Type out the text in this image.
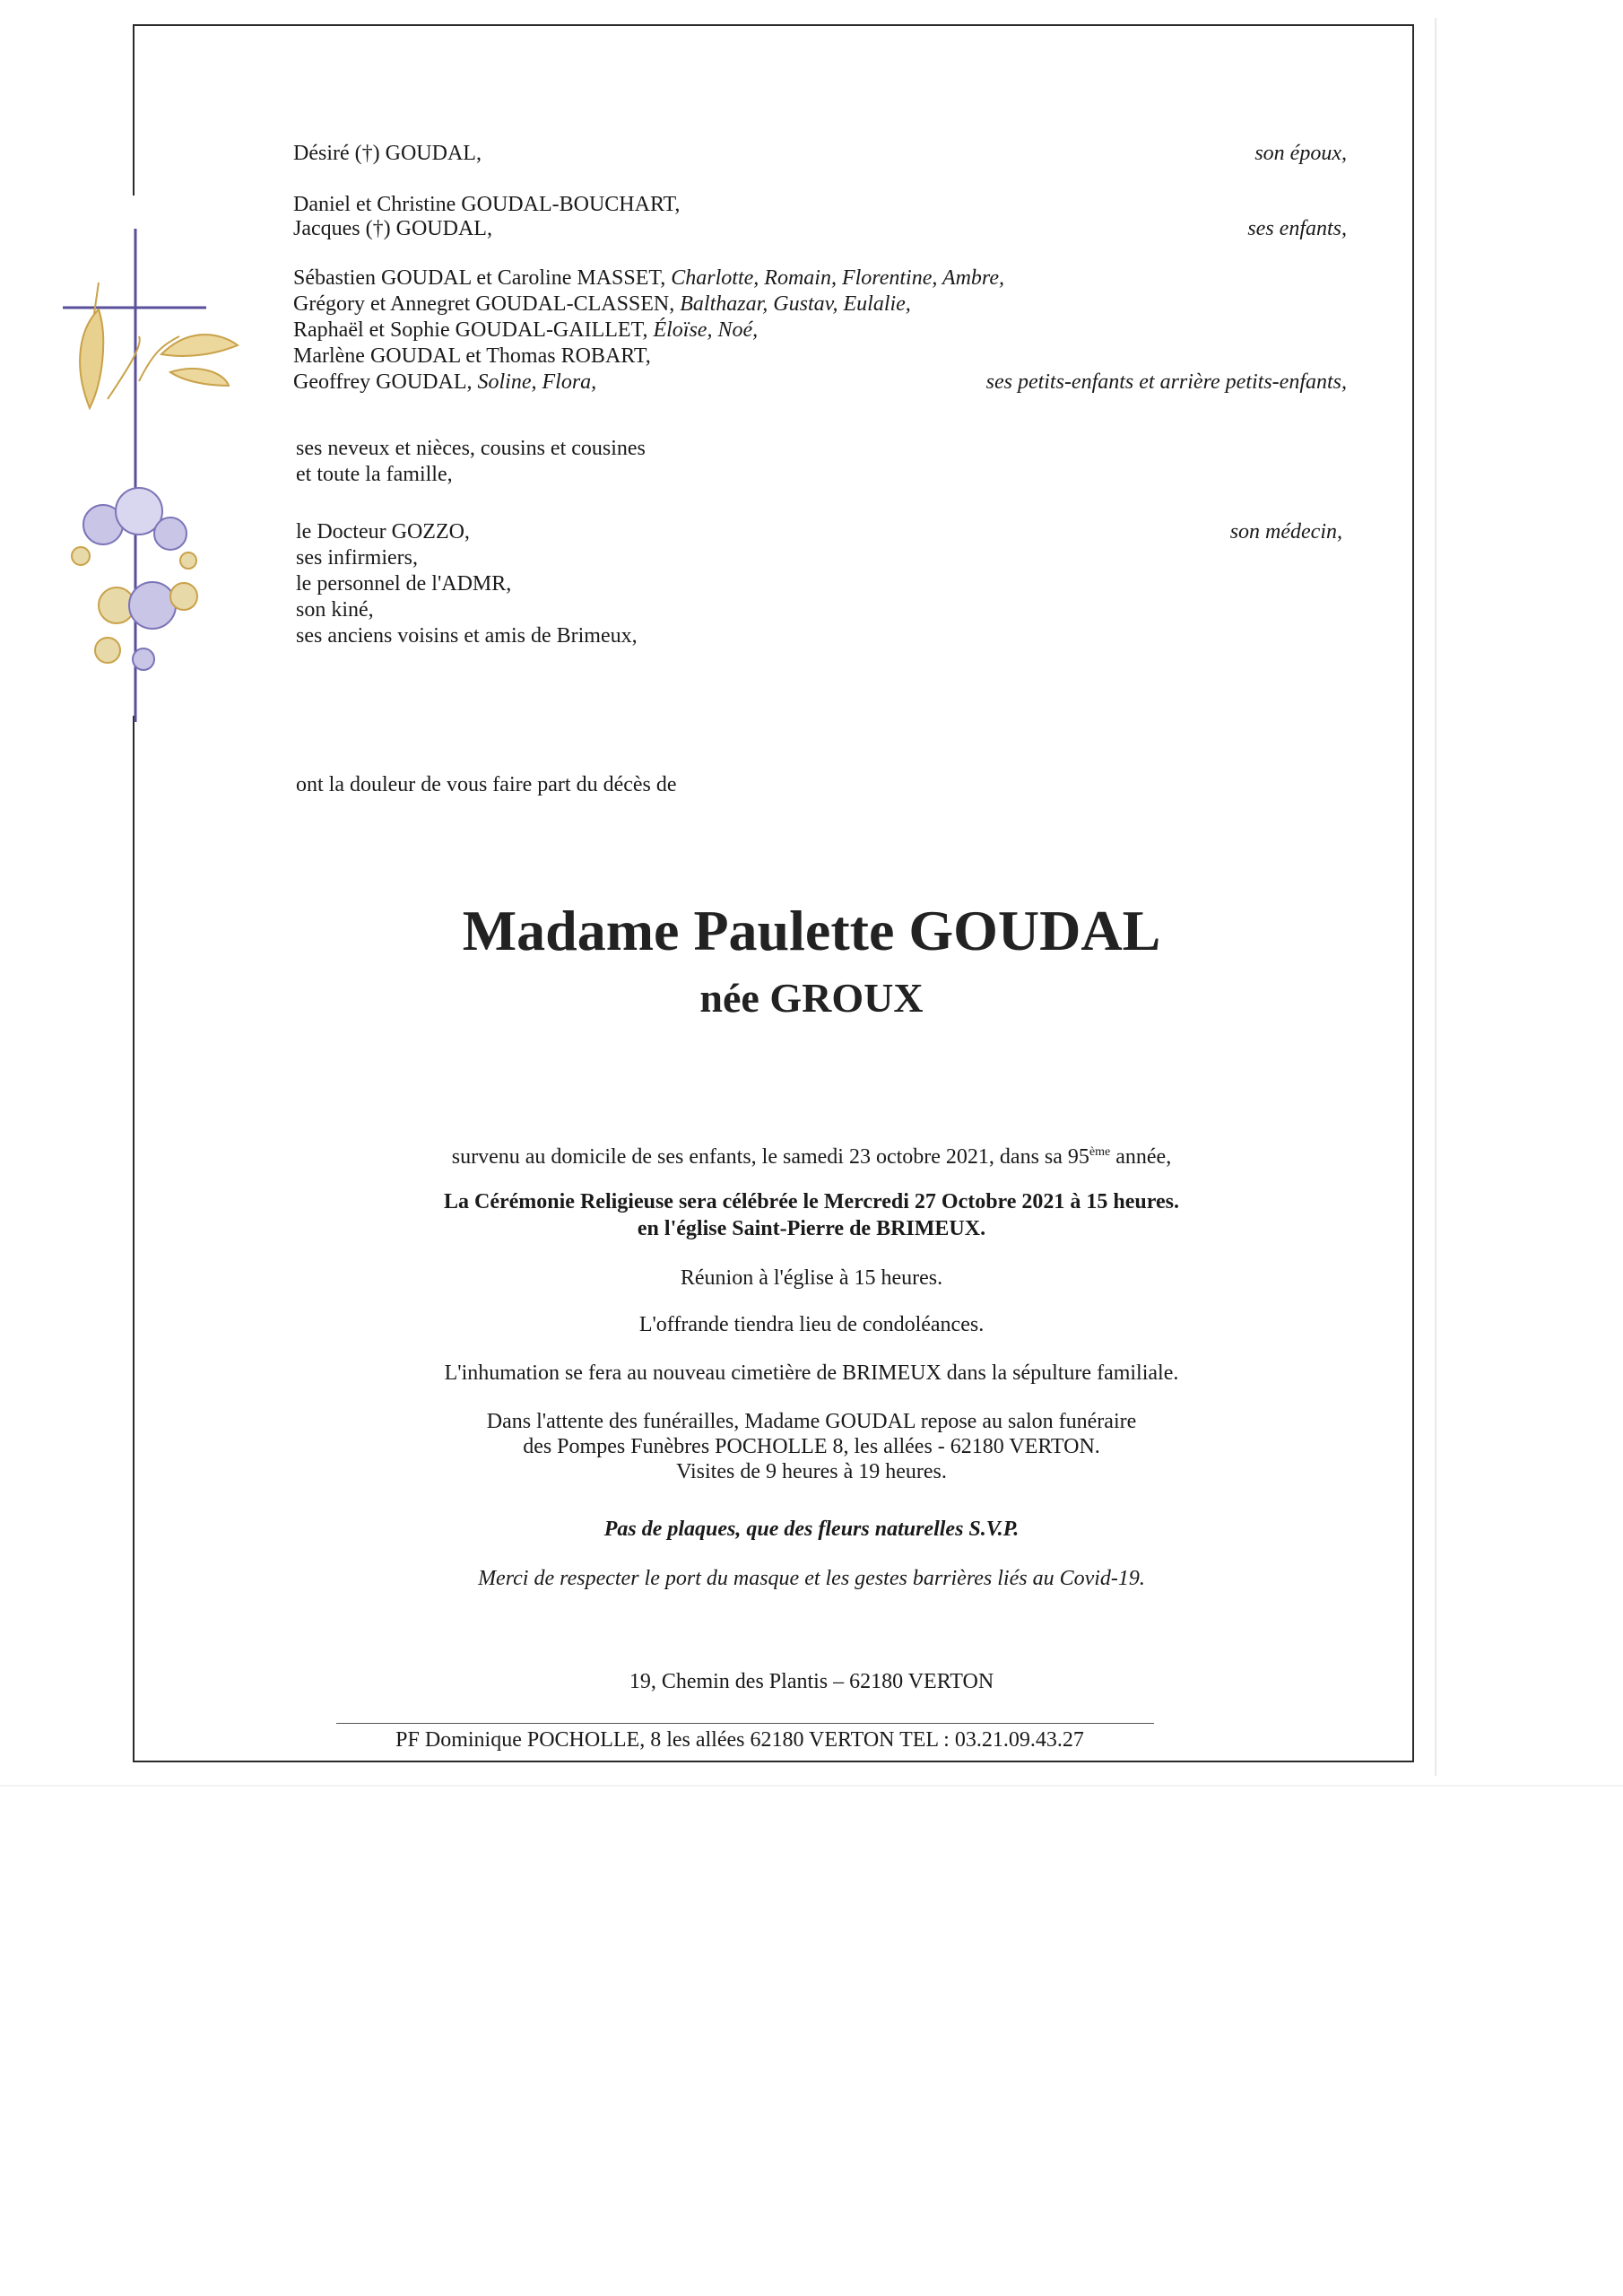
Désiré (†) GOUDAL,	son époux,
Daniel et Christine GOUDAL-BOUCHART,
Jacques (†) GOUDAL,	ses enfants,
Sébastien GOUDAL et Caroline MASSET, Charlotte, Romain, Florentine, Ambre,
Grégory et Annegret GOUDAL-CLASSEN, Balthazar, Gustav, Eulalie,
Raphaël et Sophie GOUDAL-GAILLET, Éloïse, Noé,
Marlène GOUDAL et Thomas ROBART,
Geoffrey GOUDAL, Soline, Flora,	ses petits-enfants et arrière petits-enfants,
ses neveux et nièces, cousins et cousines
et toute la famille,
le Docteur GOZZO,	son médecin,
ses infirmiers,
le personnel de l'ADMR,
son kiné,
ses anciens voisins et amis de Brimeux,
ont la douleur de vous faire part du décès de
Madame Paulette GOUDAL
née GROUX
survenu au domicile de ses enfants, le samedi 23 octobre 2021, dans sa 95ème année,
La Cérémonie Religieuse sera célébrée le Mercredi 27 Octobre 2021 à 15 heures.
en l'église Saint-Pierre de BRIMEUX.
Réunion à l'église à 15 heures.
L'offrande tiendra lieu de condoléances.
L'inhumation se fera au nouveau cimetière de BRIMEUX dans la sépulture familiale.
Dans l'attente des funérailles, Madame GOUDAL repose au salon funéraire
des Pompes Funèbres POCHOLLE 8, les allées - 62180 VERTON.
Visites de 9 heures à 19 heures.
Pas de plaques, que des fleurs naturelles S.V.P.
Merci de respecter le port du masque et les gestes barrières liés au Covid-19.
19, Chemin des Plantis – 62180 VERTON
PF Dominique POCHOLLE, 8 les allées 62180 VERTON TEL : 03.21.09.43.27
